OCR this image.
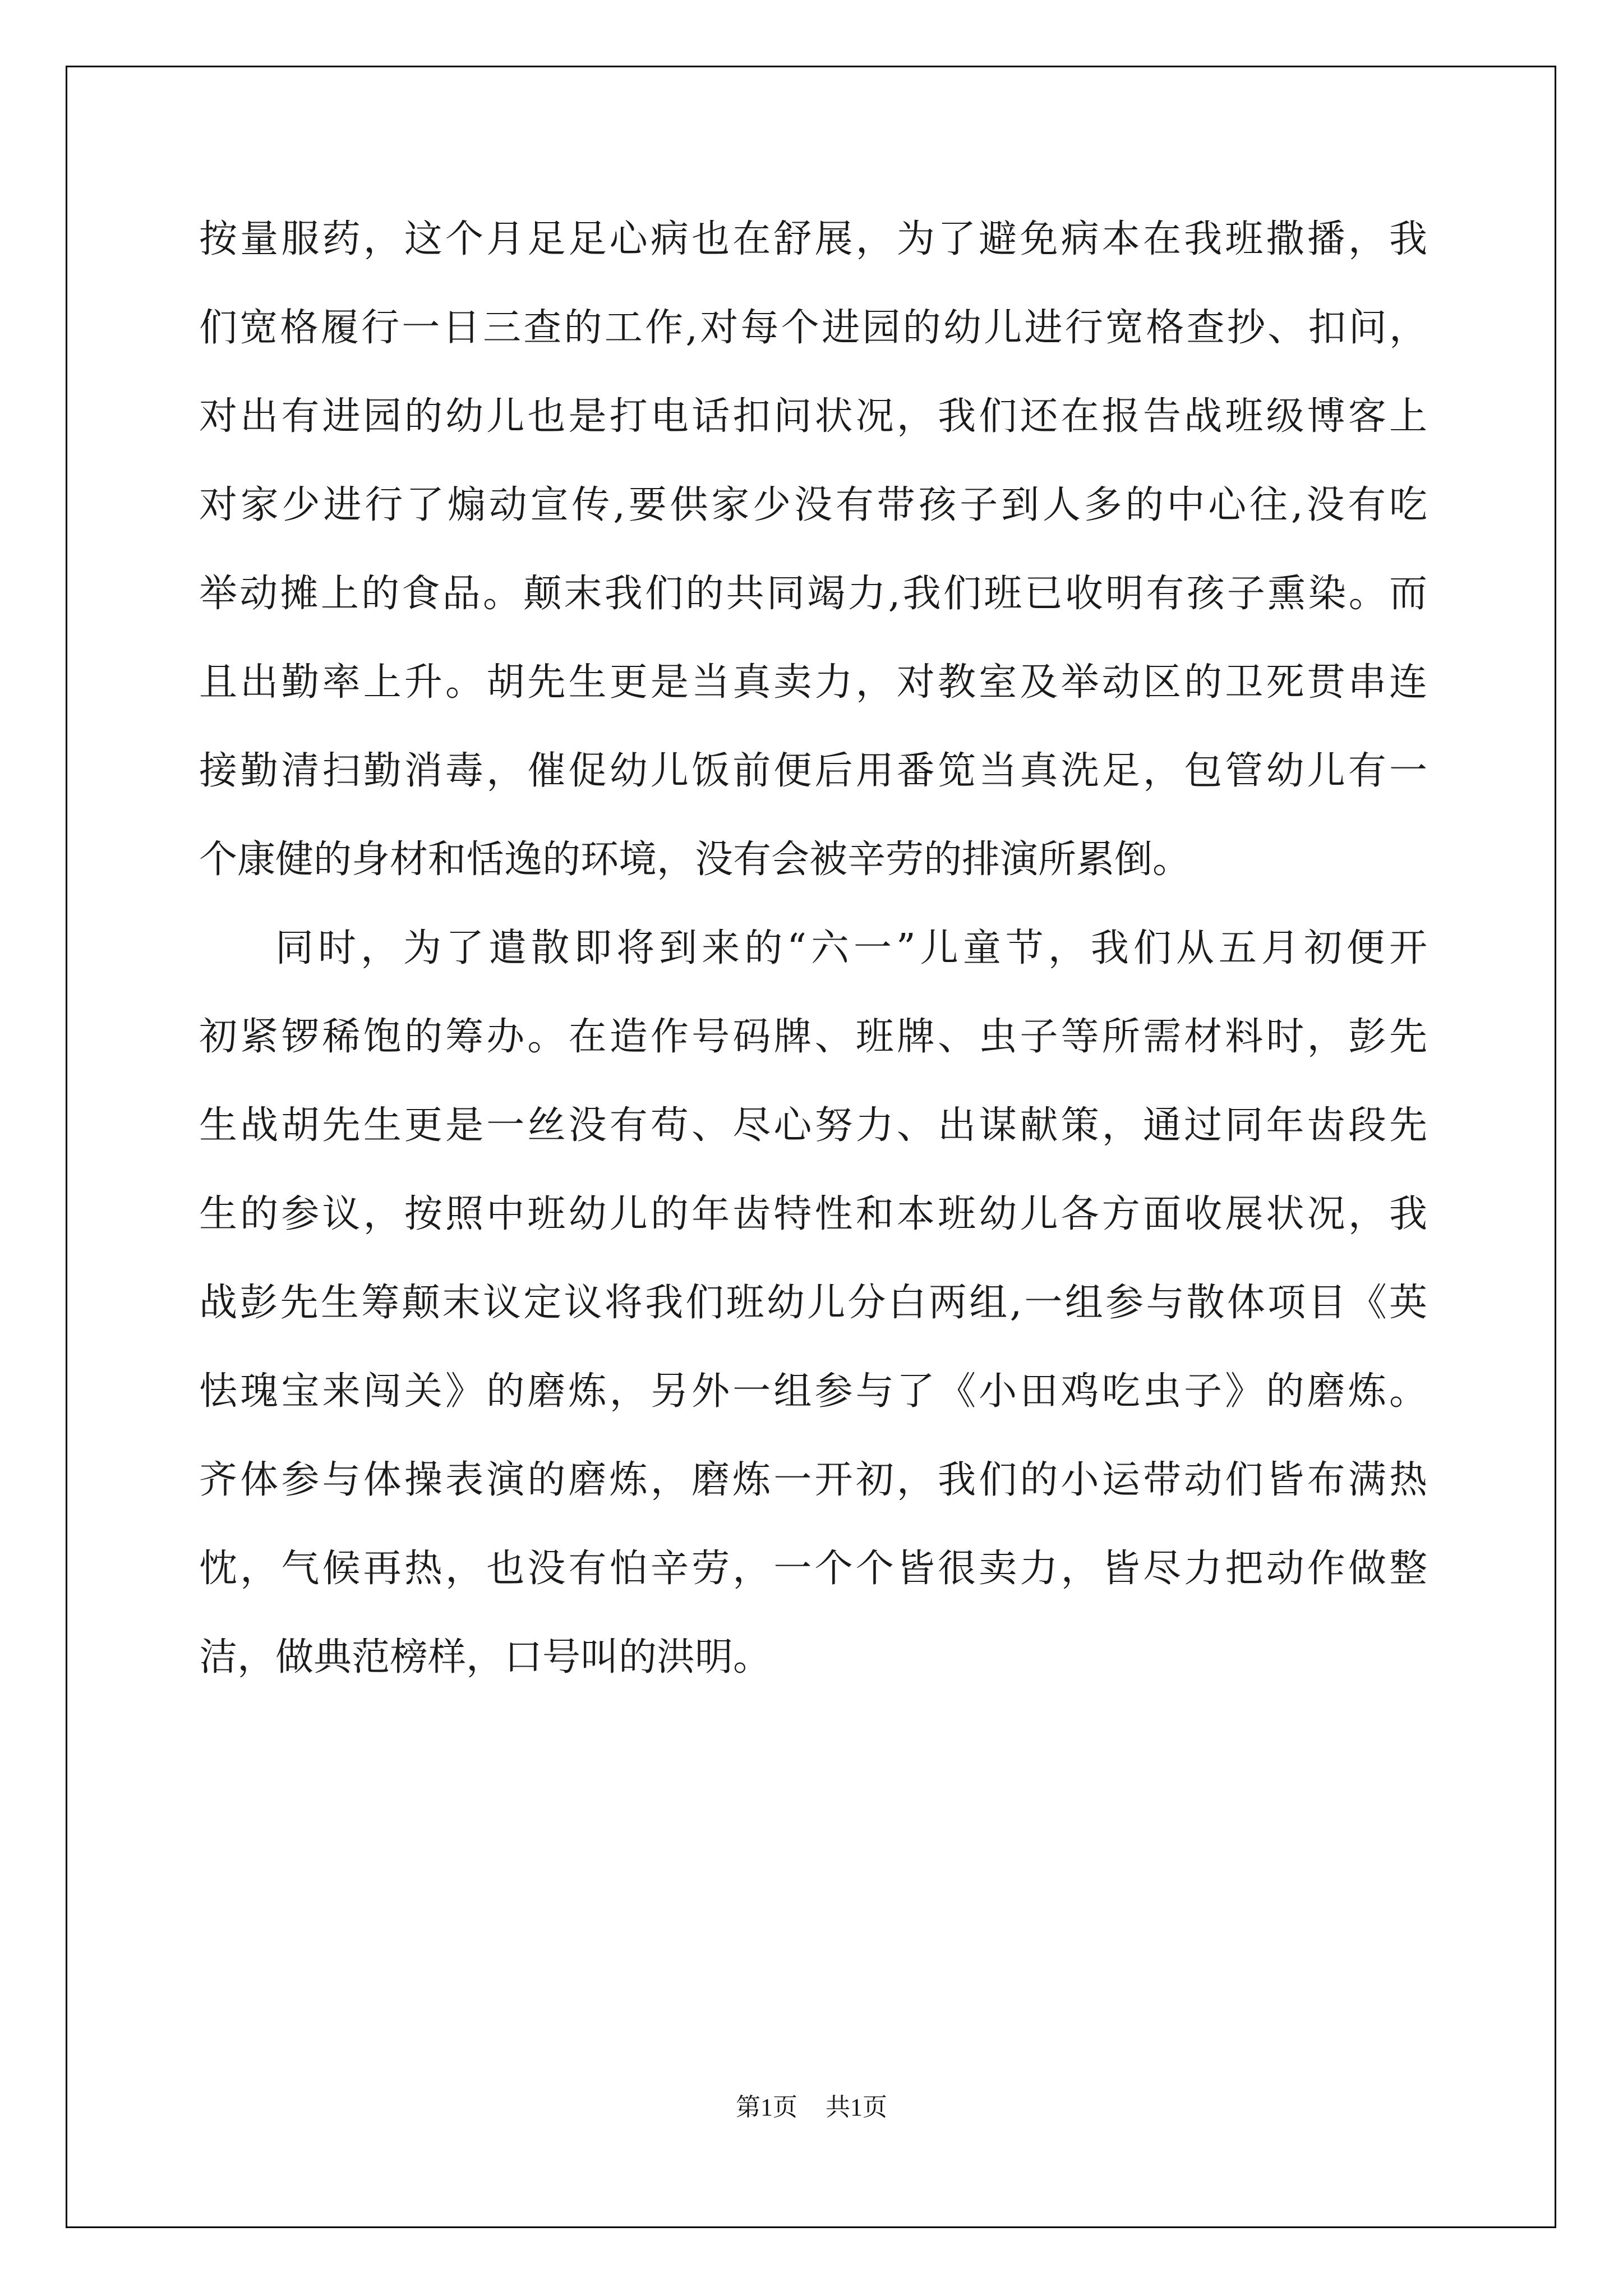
按量服药，这个月足足心病也在舒展，为了避免病本在我班撒播，我
们宽格履行一日三查的工作,对每个进园的幼儿进行宽格查抄、扣问，
对出有进园的幼儿也是打电话扣问状况，我们还在报告战班级博客上
对家少进行了煽动宣传,要供家少没有带孩子到人多的中心往,没有吃
举动摊上的食品。颠末我们的共同竭力,我们班已收明有孩子熏染。而
且出勤率上升。胡先生更是当真卖力，对教室及举动区的卫死贯串连
接勤清扫勤消毒，催促幼儿饭前便后用番笕当真洗足，包管幼儿有一
个康健的身材和恬逸的环境，没有会被辛劳的排演所累倒。
同时，为了遣散即将到来的“六一”儿童节，我们从五月初便开
初紧锣稀饱的筹办。在造作号码牌、班牌、虫子等所需材料时，彭先
生战胡先生更是一丝没有苟、尽心努力、出谋献策，通过同年齿段先
生的参议，按照中班幼儿的年齿特性和本班幼儿各方面收展状况，我
战彭先生筹颠末议定议将我们班幼儿分白两组,一组参与散体项目《英
怯瑰宝来闯关》的磨炼，另外一组参与了《小田鸡吃虫子》的磨炼。
齐体参与体操表演的磨炼，磨炼一开初，我们的小运带动们皆布满热
忱，气候再热，也没有怕辛劳，一个个皆很卖力，皆尽力把动作做整
洁，做典范榜样，口号叫的洪明。
第1页 共1页
